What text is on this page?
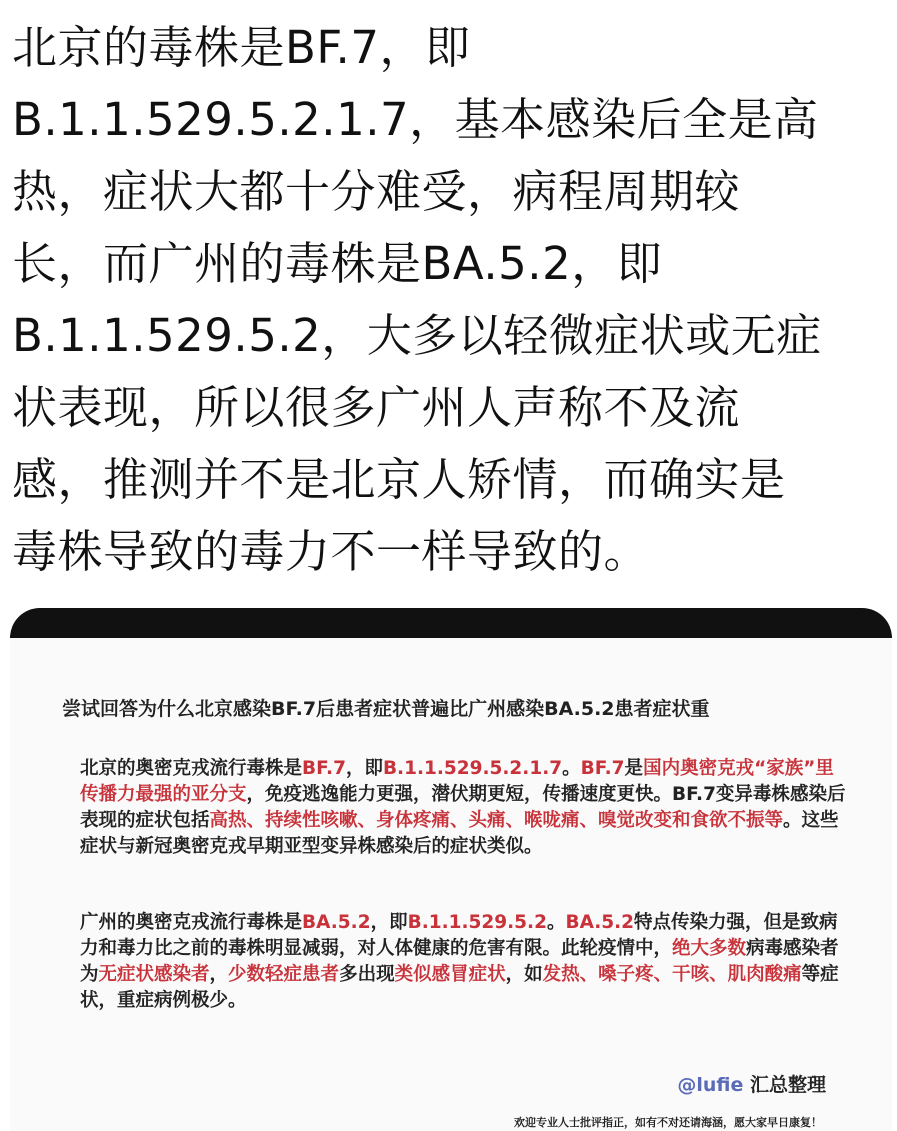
北京的毒株是BF.7，即
B.1.1.529.5.2.1.7，基本感染后全是高
热，症状大都十分难受，病程周期较
长，而广州的毒株是BA.5.2，即
B.1.1.529.5.2，大多以轻微症状或无症
状表现，所以很多广州人声称不及流
感，推测并不是北京人矫情，而确实是
毒株导致的毒力不一样导致的。
尝试回答为什么北京感染BF.7后患者症状普遍比广州感染BA.5.2患者症状重
北京的奥密克戎流行毒株是BF.7，即B.1.1.529.5.2.1.7。BF.7是国内奥密克戎“家族”里传播力最强的亚分支，免疫逃逸能力更强，潜伏期更短，传播速度更快。BF.7变异毒株感染后表现的症状包括高热、持续性咳嗽、身体疼痛、头痛、喉咙痛、嗅觉改变和食欲不振等。这些症状与新冠奥密克戎早期亚型变异株感染后的症状类似。
广州的奥密克戎流行毒株是BA.5.2，即B.1.1.529.5.2。BA.5.2特点传染力强，但是致病力和毒力比之前的毒株明显减弱，对人体健康的危害有限。此轮疫情中，绝大多数病毒感染者为无症状感染者，少数轻症患者多出现类似感冒症状，如发热、嗓子疼、干咳、肌肉酸痛等症状，重症病例极少。
@lufie 汇总整理
欢迎专业人士批评指正，如有不对还请海涵，愿大家早日康复！
